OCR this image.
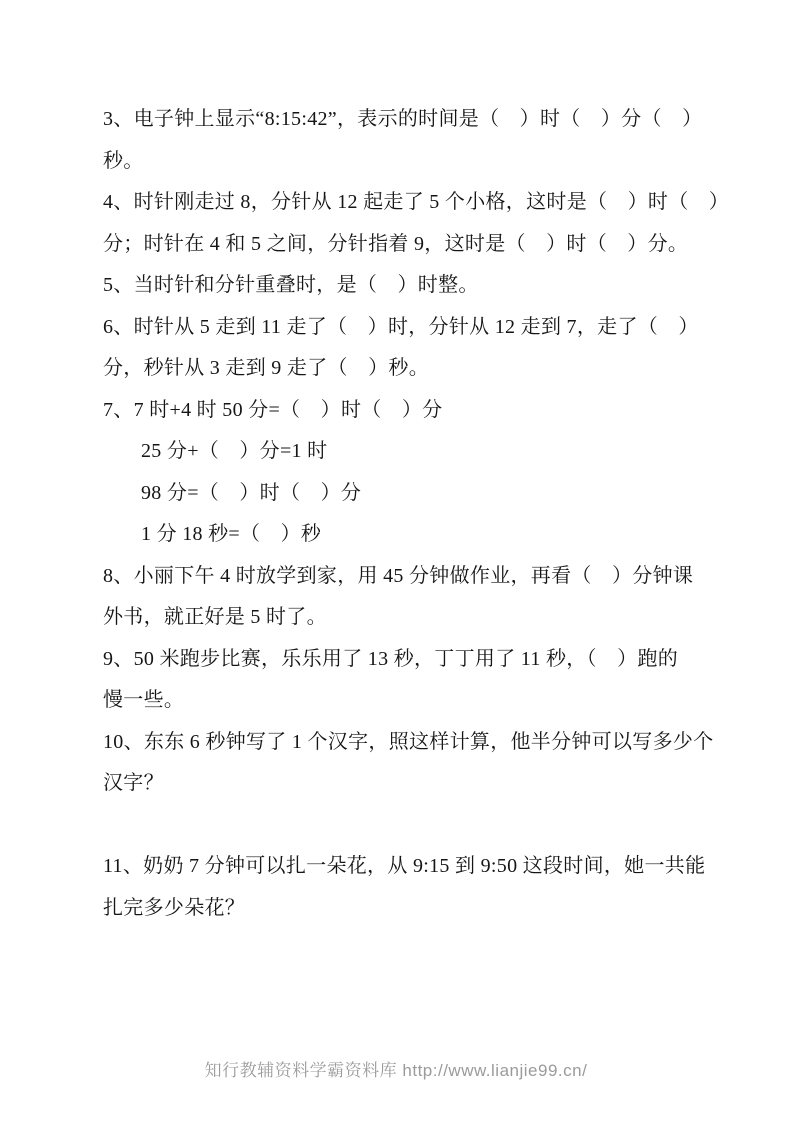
3、电子钟上显示“8:15:42”，表示的时间是（　）时（　）分（　）
秒。
4、时针刚走过 8，分针从 12 起走了 5 个小格，这时是（　）时（　）
分；时针在 4 和 5 之间，分针指着 9，这时是（　）时（　）分。
5、当时针和分针重叠时，是（　）时整。
6、时针从 5 走到 11 走了（　）时，分针从 12 走到 7，走了（　）
分，秒针从 3 走到 9 走了（　）秒。
7、7 时+4 时 50 分=（　）时（　）分
25 分+（　）分=1 时
98 分=（　）时（　）分
1 分 18 秒=（　）秒
8、小丽下午 4 时放学到家，用 45 分钟做作业，再看（　）分钟课
外书，就正好是 5 时了。
9、50 米跑步比赛，乐乐用了 13 秒，丁丁用了 11 秒，（　）跑的
慢一些。
10、东东 6 秒钟写了 1 个汉字，照这样计算，他半分钟可以写多少个
汉字？
11、奶奶 7 分钟可以扎一朵花，从 9:15 到 9:50 这段时间，她一共能
扎完多少朵花？
知行教辅资料学霸资料库 http://www.lianjie99.cn/
